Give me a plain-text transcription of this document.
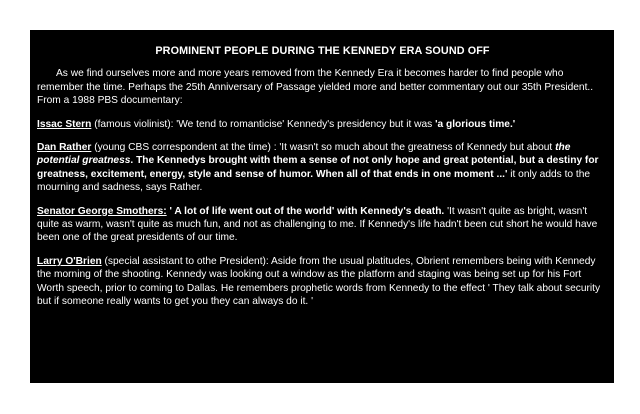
PROMINENT PEOPLE DURING THE KENNEDY ERA SOUND OFF

As we find ourselves more and more years removed from the Kennedy Era it becomes harder to find people who remember the time. Perhaps the 25th Anniversary of Passage yielded more and better commentary out our 35th President.. From a 1988 PBS documentary:

Issac Stern (famous violinist): 'We tend to romanticise' Kennedy's presidency but it was 'a glorious time.'

Dan Rather (young CBS correspondent at the time) : 'It wasn't so much about the greatness of Kennedy but about the potential greatness. The Kennedys brought with them a sense of not only hope and great potential, but a destiny for greatness, excitement, energy, style and sense of humor. When all of that ends in one moment ...' it only adds to the mourning and sadness, says Rather.

Senator George Smothers: ' A lot of life went out of the world' with Kennedy's death. 'It wasn't quite as bright, wasn't quite as warm, wasn't quite as much fun, and not as challenging to me. If Kennedy's life hadn't been cut short he would have been one of the great presidents of our time.

Larry O'Brien (special assistant to othe President): Aside from the usual platitudes, Obrient remembers being with Kennedy the morning of the shooting. Kennedy was looking out a window as the platform and staging was being set up for his Fort Worth speech, prior to coming to Dallas. He remembers prophetic words from Kennedy to the effect ' They talk about security but if someone really wants to get you they can always do it. '
